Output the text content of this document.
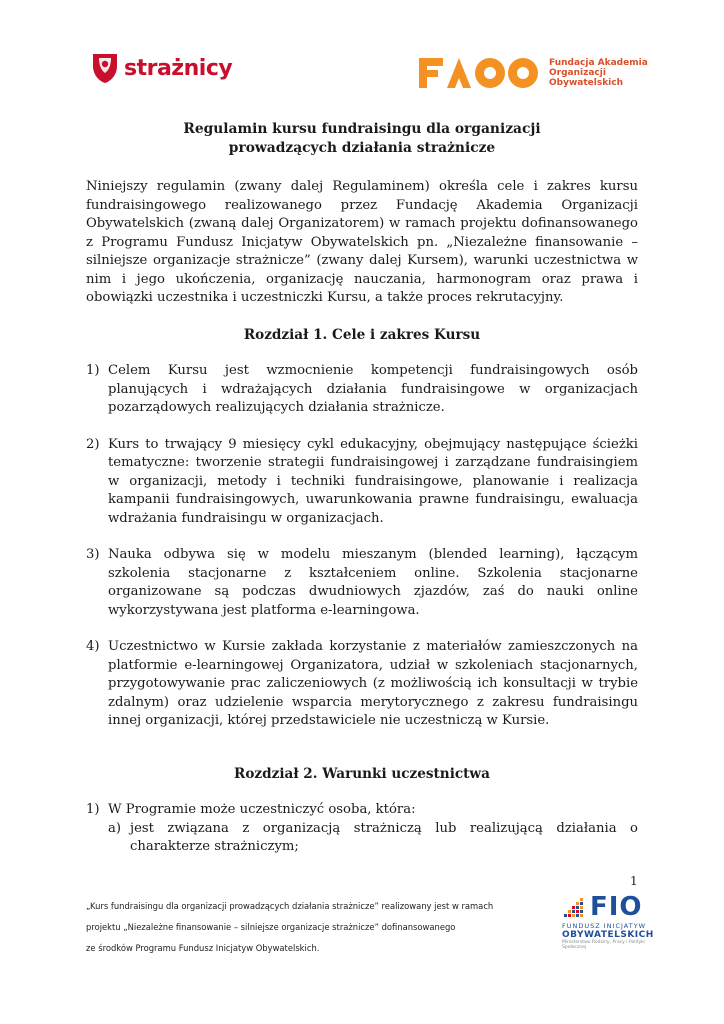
strażnicy	Fundacja Akademia
Organizacji
Obywatelskich
Regulamin kursu fundraisingu dla organizacji
prowadzących działania strażnicze

Niniejszy regulamin (zwany dalej Regulaminem) określa cele i zakres kursu fundraisingowego realizowanego przez Fundację Akademia Organizacji Obywatelskich (zwaną dalej Organizatorem) w ramach projektu dofinansowanego z Programu Fundusz Inicjatyw Obywatelskich pn. „Niezależne finansowanie – silniejsze organizacje strażnicze” (zwany dalej Kursem), warunki uczestnictwa w nim i jego ukończenia, organizację nauczania, harmonogram oraz prawa i obowiązki uczestnika i uczestniczki Kursu, a także proces rekrutacyjny.

Rozdział 1. Cele i zakres Kursu
1) Celem Kursu jest wzmocnienie kompetencji fundraisingowych osób planujących i wdrażających działania fundraisingowe w organizacjach pozarządowych realizujących działania strażnicze.
2) Kurs to trwający 9 miesięcy cykl edukacyjny, obejmujący następujące ścieżki tematyczne: tworzenie strategii fundraisingowej i zarządzane fundraisingiem w organizacji, metody i techniki fundraisingowe, planowanie i realizacja kampanii fundraisingowych, uwarunkowania prawne fundraisingu, ewaluacja wdrażania fundraisingu w organizacjach.
3) Nauka odbywa się w modelu mieszanym (blended learning), łączącym szkolenia stacjonarne z kształceniem online. Szkolenia stacjonarne organizowane są podczas dwudniowych zjazdów, zaś do nauki online wykorzystywana jest platforma e-learningowa.
4) Uczestnictwo w Kursie zakłada korzystanie z materiałów zamieszczonych na platformie e-learningowej Organizatora, udział w szkoleniach stacjonarnych, przygotowywanie prac zaliczeniowych (z możliwością ich konsultacji w trybie zdalnym) oraz udzielenie wsparcia merytorycznego z zakresu fundraisingu innej organizacji, której przedstawiciele nie uczestniczą w Kursie.
Rozdział 2. Warunki uczestnictwa
1) W Programie może uczestniczyć osoba, która:
a) jest związana z organizacją strażniczą lub realizującą działania o charakterze strażniczym;
1
„Kurs fundraisingu dla organizacji prowadzących działania strażnicze” realizowany jest w ramach
projektu „Niezależne finansowanie – silniejsze organizacje strażnicze” dofinansowanego
ze środków Programu Fundusz Inicjatyw Obywatelskich.
FIO
FUNDUSZ INICJATYW
OBYWATELSKICH
Ministerstwo Rodziny, Pracy i Polityki Społecznej
